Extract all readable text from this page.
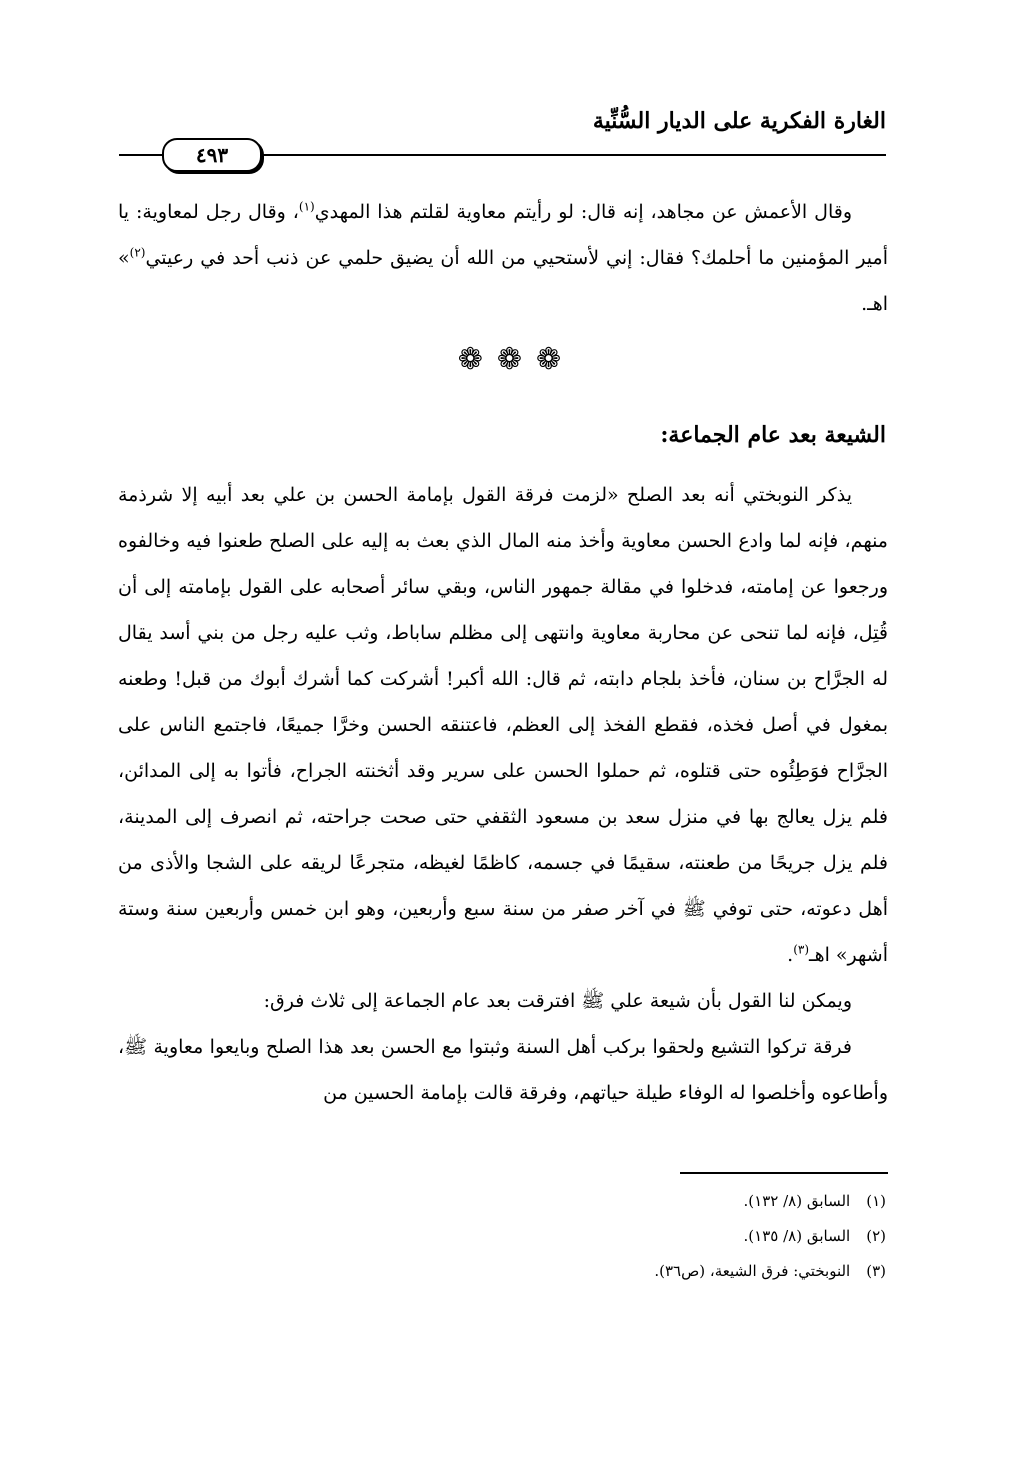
الغارة الفكرية على الديار السُّنِّية
٤٩٣

وقال الأعمش عن مجاهد، إنه قال: لو رأيتم معاوية لقلتم هذا المهدي$^{(١)}$، وقال رجل لمعاوية: يا أمير المؤمنين ما أحلمك؟ فقال: إني لأستحيي من الله أن يضيق حلمي عن ذنب أحد في رعيتي$^{(٢)}$» اهـ.

❁❁❁
الشيعة بعد عام الجماعة:

يذكر النوبختي أنه بعد الصلح «لزمت فرقة القول بإمامة الحسن بن علي بعد أبيه إلا شرذمة منهم، فإنه لما وادع الحسن معاوية وأخذ منه المال الذي بعث به إليه على الصلح طعنوا فيه وخالفوه ورجعوا عن إمامته، فدخلوا في مقالة جمهور الناس، وبقي سائر أصحابه على القول بإمامته إلى أن قُتِل، فإنه لما تنحى عن محاربة معاوية وانتهى إلى مظلم ساباط، وثب عليه رجل من بني أسد يقال له الجرَّاح بن سنان، فأخذ بلجام دابته، ثم قال: الله أكبر! أشركت كما أشرك أبوك من قبل! وطعنه بمغول في أصل فخذه، فقطع الفخذ إلى العظم، فاعتنقه الحسن وخرَّا جميعًا، فاجتمع الناس على الجرَّاح فوَطِئُوه حتى قتلوه، ثم حملوا الحسن على سرير وقد أثخنته الجراح، فأتوا به إلى المدائن، فلم يزل يعالج بها في منزل سعد بن مسعود الثقفي حتى صحت جراحته، ثم انصرف إلى المدينة، فلم يزل جريحًا من طعنته، سقيمًا في جسمه، كاظمًا لغيظه، متجرعًا لريقه على الشجا والأذى من أهل دعوته، حتى توفي ﷺ في آخر صفر من سنة سبع وأربعين، وهو ابن خمس وأربعين سنة وستة أشهر» اهـ$^{(٣)}$.

ويمكن لنا القول بأن شيعة علي ﷺ افترقت بعد عام الجماعة إلى ثلاث فرق:

فرقة تركوا التشيع ولحقوا بركب أهل السنة وثبتوا مع الحسن بعد هذا الصلح وبايعوا معاوية ﷺ، وأطاعوه وأخلصوا له الوفاء طيلة حياتهم، وفرقة قالت بإمامة الحسين من

(١)السابق (٨/ ١٣٢).

(٢)السابق (٨/ ١٣٥).

(٣)النوبختي: فرق الشيعة، (ص٣٦).
